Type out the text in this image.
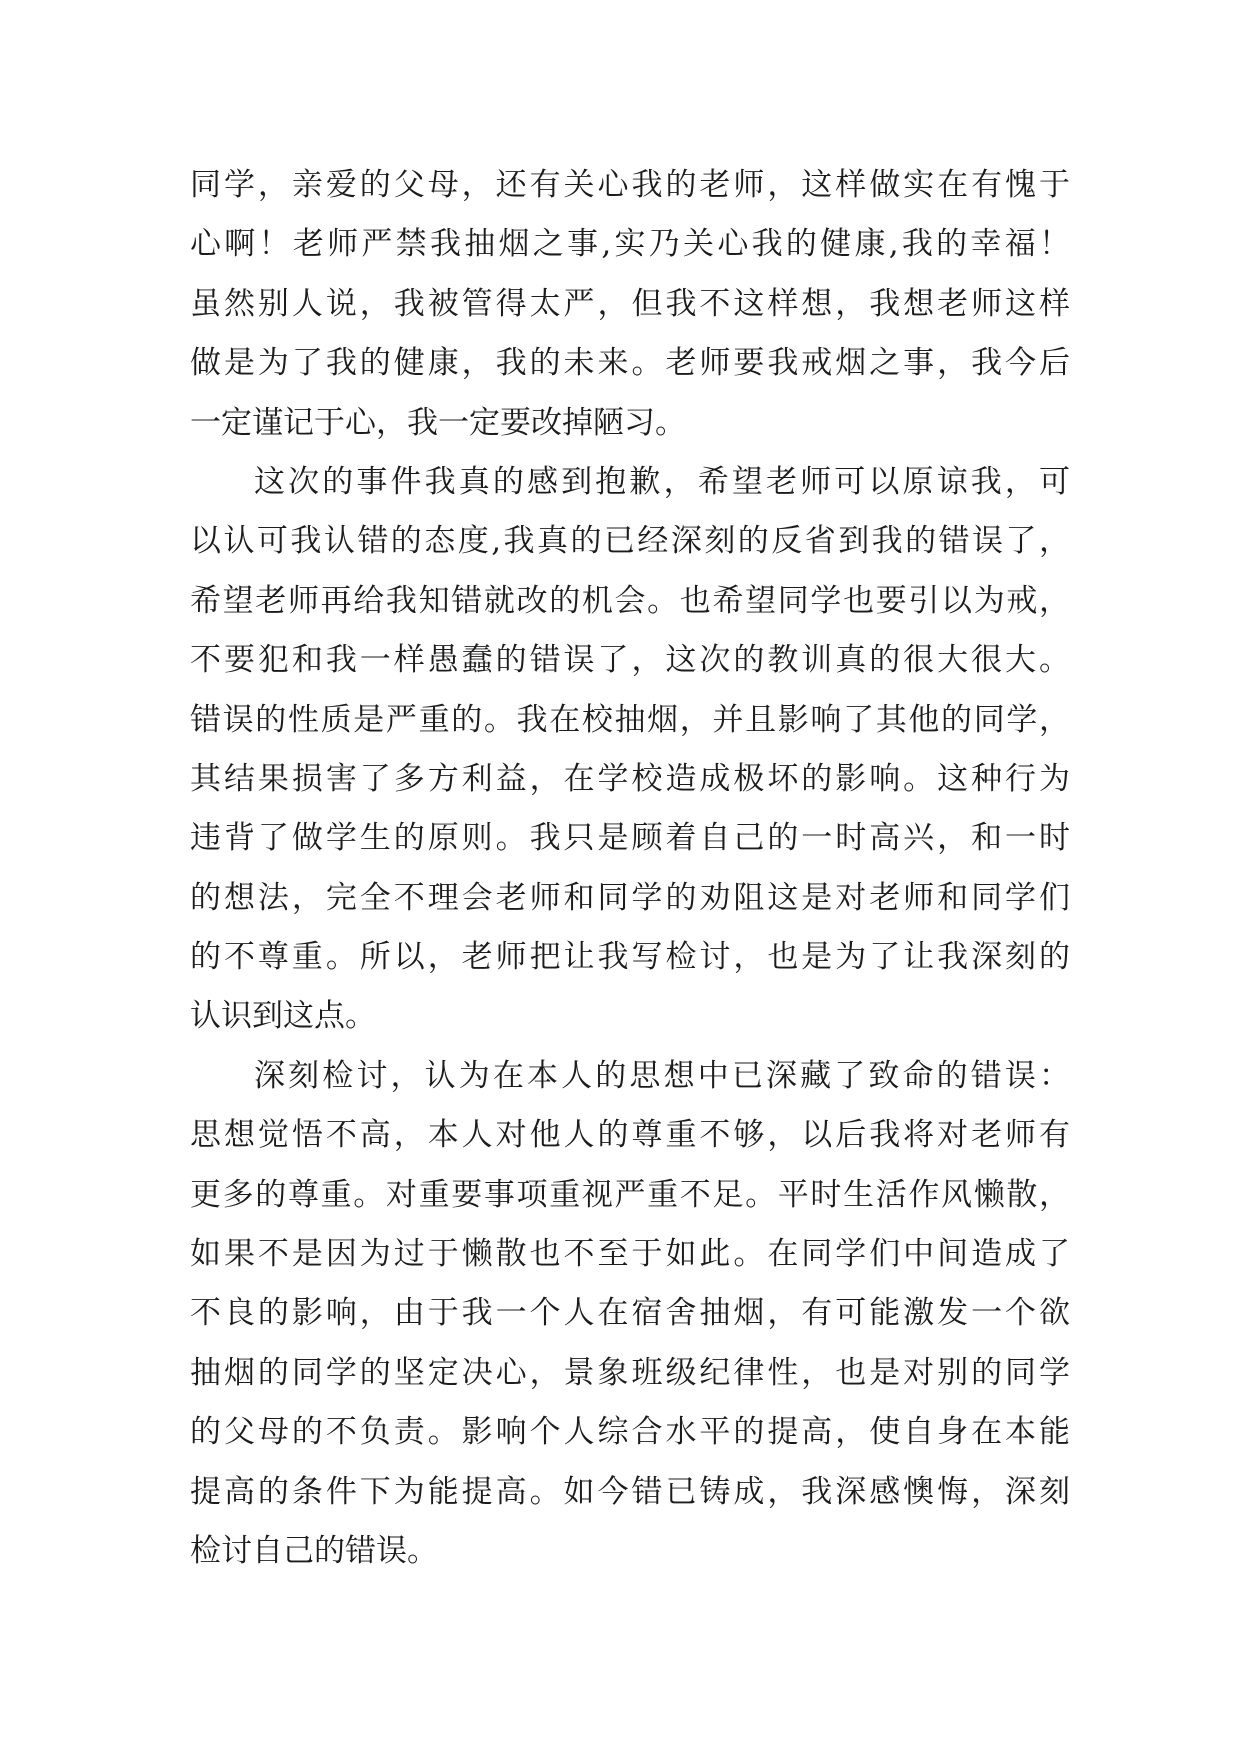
同学，亲爱的父母，还有关心我的老师，这样做实在有愧于
心啊！老师严禁我抽烟之事,实乃关心我的健康,我的幸福！
虽然别人说，我被管得太严，但我不这样想，我想老师这样
做是为了我的健康，我的未来。老师要我戒烟之事，我今后
一定谨记于心，我一定要改掉陋习。
这次的事件我真的感到抱歉，希望老师可以原谅我，可
以认可我认错的态度,我真的已经深刻的反省到我的错误了，
希望老师再给我知错就改的机会。也希望同学也要引以为戒，
不要犯和我一样愚蠢的错误了，这次的教训真的很大很大。
错误的性质是严重的。我在校抽烟，并且影响了其他的同学，
其结果损害了多方利益，在学校造成极坏的影响。这种行为
违背了做学生的原则。我只是顾着自己的一时高兴，和一时
的想法，完全不理会老师和同学的劝阻这是对老师和同学们
的不尊重。所以，老师把让我写检讨，也是为了让我深刻的
认识到这点。
深刻检讨，认为在本人的思想中已深藏了致命的错误：
思想觉悟不高，本人对他人的尊重不够，以后我将对老师有
更多的尊重。对重要事项重视严重不足。平时生活作风懒散，
如果不是因为过于懒散也不至于如此。在同学们中间造成了
不良的影响，由于我一个人在宿舍抽烟，有可能激发一个欲
抽烟的同学的坚定决心，景象班级纪律性，也是对别的同学
的父母的不负责。影响个人综合水平的提高，使自身在本能
提高的条件下为能提高。如今错已铸成，我深感懊悔，深刻
检讨自己的错误。
